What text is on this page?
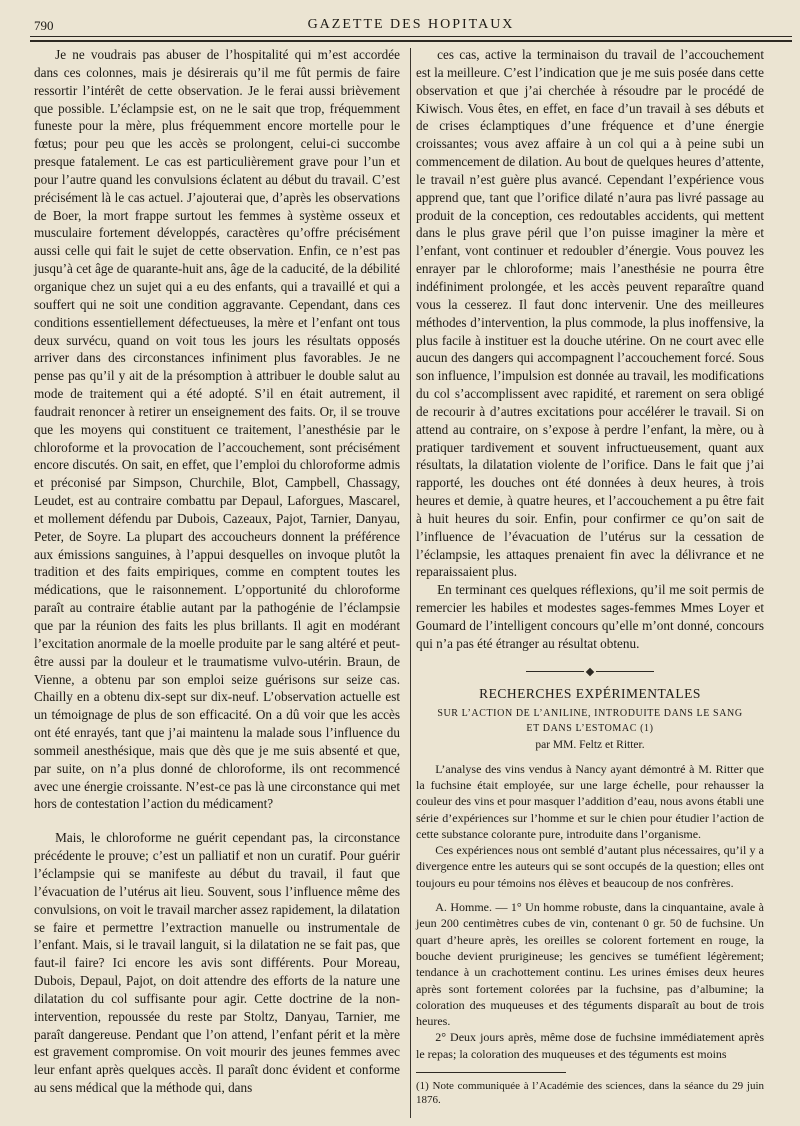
790	GAZETTE DES HOPITAUX

Je ne voudrais pas abuser de l’hospitalité qui m’est accordée dans ces colonnes, mais je désirerais qu’il me fût permis de faire ressortir l’intérêt de cette observation. Je le ferai aussi brièvement que possible. L’éclampsie est, on ne le sait que trop, fréquemment funeste pour la mère, plus fréquemment encore mortelle pour le fœtus; pour peu que les accès se prolongent, celui-ci succombe presque fatalement. Le cas est particulièrement grave pour l’un et pour l’autre quand les convulsions éclatent au début du travail. C’est précisément là le cas actuel. J’ajouterai que, d’après les observations de Boer, la mort frappe surtout les femmes à système osseux et musculaire fortement développés, caractères qu’offre précisément aussi celle qui fait le sujet de cette observation. Enfin, ce n’est pas jusqu’à cet âge de quarante-huit ans, âge de la caducité, de la débilité organique chez un sujet qui a eu des enfants, qui a travaillé et qui a souffert qui ne soit une condition aggravante. Cependant, dans ces conditions essentiellement défectueuses, la mère et l’enfant ont tous deux survécu, quand on voit tous les jours les résultats opposés arriver dans des circonstances infiniment plus favorables. Je ne pense pas qu’il y ait de la présomption à attribuer le double salut au mode de traitement qui a été adopté. S’il en était autrement, il faudrait renoncer à retirer un enseignement des faits. Or, il se trouve que les moyens qui constituent ce traitement, l’anesthésie par le chloroforme et la provocation de l’accouchement, sont précisément encore discutés. On sait, en effet, que l’emploi du chloroforme admis et préconisé par Simpson, Churchile, Blot, Campbell, Chassagy, Leudet, est au contraire combattu par Depaul, Laforgues, Mascarel, et mollement défendu par Dubois, Cazeaux, Pajot, Tarnier, Danyau, Peter, de Soyre. La plupart des accoucheurs donnent la préférence aux émissions sanguines, à l’appui desquelles on invoque plutôt la tradition et des faits empiriques, comme en comptent toutes les médications, que le raisonnement. L’opportunité du chloroforme paraît au contraire établie autant par la pathogénie de l’éclampsie que par la réunion des faits les plus brillants. Il agit en modérant l’excitation anormale de la moelle produite par le sang altéré et peut-être aussi par la douleur et le traumatisme vulvo-utérin. Braun, de Vienne, a obtenu par son emploi seize guérisons sur seize cas. Chailly en a obtenu dix-sept sur dix-neuf. L’observation actuelle est un témoignage de plus de son efficacité. On a dû voir que les accès ont été enrayés, tant que j’ai maintenu la malade sous l’influence du sommeil anesthésique, mais que dès que je me suis absenté et que, par suite, on n’a plus donné de chloroforme, ils ont recommencé avec une énergie croissante. N’est-ce pas là une circonstance qui met hors de contestation l’action du médicament?

Mais, le chloroforme ne guérit cependant pas, la circonstance précédente le prouve; c’est un palliatif et non un curatif. Pour guérir l’éclampsie qui se manifeste au début du travail, il faut que l’évacuation de l’utérus ait lieu. Souvent, sous l’influence même des convulsions, on voit le travail marcher assez rapidement, la dilatation se faire et permettre l’extraction manuelle ou instrumentale de l’enfant. Mais, si le travail languit, si la dilatation ne se fait pas, que faut-il faire? Ici encore les avis sont différents. Pour Moreau, Dubois, Depaul, Pajot, on doit attendre des efforts de la nature une dilatation du col suffisante pour agir. Cette doctrine de la non-intervention, repoussée du reste par Stoltz, Danyau, Tarnier, me paraît dangereuse. Pendant que l’on attend, l’enfant périt et la mère est gravement compromise. On voit mourir des jeunes femmes avec leur enfant après quelques accès. Il paraît donc évident et conforme au sens médical que la méthode qui, dans

ces cas, active la terminaison du travail de l’accouchement est la meilleure. C’est l’indication que je me suis posée dans cette observation et que j’ai cherchée à résoudre par le procédé de Kiwisch. Vous êtes, en effet, en face d’un travail à ses débuts et de crises éclamptiques d’une fréquence et d’une énergie croissantes; vous avez affaire à un col qui a à peine subi un commencement de dilation. Au bout de quelques heures d’attente, le travail n’est guère plus avancé. Cependant l’expérience vous apprend que, tant que l’orifice dilaté n’aura pas livré passage au produit de la conception, ces redoutables accidents, qui mettent dans le plus grave péril que l’on puisse imaginer la mère et l’enfant, vont continuer et redoubler d’énergie. Vous pouvez les enrayer par le chloroforme; mais l’anesthésie ne pourra être indéfiniment prolongée, et les accès peuvent reparaître quand vous la cesserez. Il faut donc intervenir. Une des meilleures méthodes d’intervention, la plus commode, la plus inoffensive, la plus facile à instituer est la douche utérine. On ne court avec elle aucun des dangers qui accompagnent l’accouchement forcé. Sous son influence, l’impulsion est donnée au travail, les modifications du col s’accomplissent avec rapidité, et rarement on sera obligé de recourir à d’autres excitations pour accélérer le travail. Si on attend au contraire, on s’expose à perdre l’enfant, la mère, ou à pratiquer tardivement et souvent infructueusement, quant aux résultats, la dilatation violente de l’orifice. Dans le fait que j’ai rapporté, les douches ont été données à deux heures, à trois heures et demie, à quatre heures, et l’accouchement a pu être fait à huit heures du soir. Enfin, pour confirmer ce qu’on sait de l’influence de l’évacuation de l’utérus sur la cessation de l’éclampsie, les attaques prenaient fin avec la délivrance et ne reparaissaient plus.

En terminant ces quelques réflexions, qu’il me soit permis de remercier les habiles et modestes sages-femmes Mmes Loyer et Goumard de l’intelligent concours qu’elle m’ont donné, concours qui n’a pas été étranger au résultat obtenu.

RECHERCHES EXPÉRIMENTALES
SUR L’ACTION DE L’ANILINE, INTRODUITE DANS LE SANG
ET DANS L’ESTOMAC (1)
par MM. Feltz et Ritter.

L’analyse des vins vendus à Nancy ayant démontré à M. Ritter que la fuchsine était employée, sur une large échelle, pour rehausser la couleur des vins et pour masquer l’addition d’eau, nous avons établi une série d’expériences sur l’homme et sur le chien pour étudier l’action de cette substance colorante pure, introduite dans l’organisme.

Ces expériences nous ont semblé d’autant plus nécessaires, qu’il y a divergence entre les auteurs qui se sont occupés de la question; elles ont toujours eu pour témoins nos élèves et beaucoup de nos confrères.

A. Homme. — 1° Un homme robuste, dans la cinquantaine, avale à jeun 200 centimètres cubes de vin, contenant 0 gr. 50 de fuchsine. Un quart d’heure après, les oreilles se colorent fortement en rouge, la bouche devient prurigineuse; les gencives se tuméfient légèrement; tendance à un crachottement continu. Les urines émises deux heures après sont fortement colorées par la fuchsine, pas d’albumine; la coloration des muqueuses et des téguments disparaît au bout de trois heures.

2° Deux jours après, même dose de fuchsine immédiatement après le repas; la coloration des muqueuses et des téguments est moins

(1) Note communiquée à l’Académie des sciences, dans la séance du 29 juin 1876.
